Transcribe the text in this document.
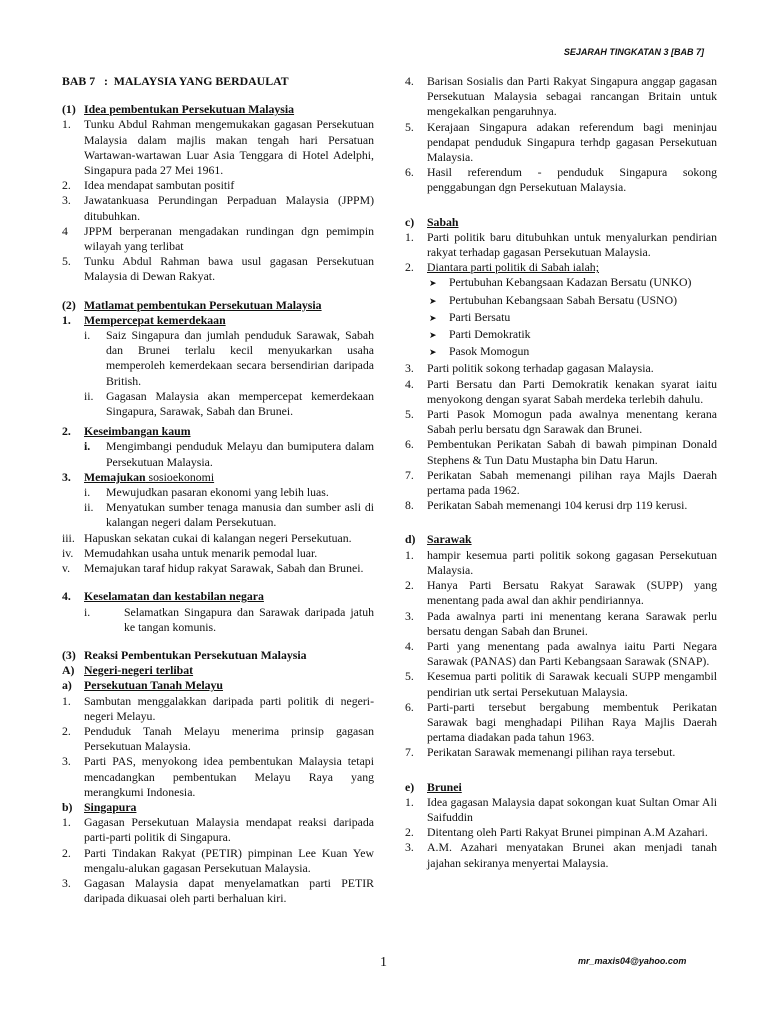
SEJARAH TINGKATAN 3 [BAB 7]
BAB 7   :  MALAYSIA YANG BERDAULAT
(1) Idea pembentukan Persekutuan Malaysia
1.	Tunku Abdul Rahman mengemukakan gagasan Persekutuan Malaysia dalam majlis makan tengah hari Persatuan Wartawan-wartawan Luar Asia Tenggara di Hotel Adelphi, Singapura pada 27 Mei 1961.
2.	Idea mendapat sambutan positif
3.	Jawatankuasa Perundingan Perpaduan Malaysia (JPPM) ditubuhkan.
4	JPPM berperanan mengadakan rundingan dgn pemimpin wilayah yang terlibat
5.	Tunku Abdul Rahman bawa usul gagasan Persekutuan Malaysia di Dewan Rakyat.
(2) Matlamat pembentukan Persekutuan Malaysia
1.	Mempercepat kemerdekaan
i.	Saiz Singapura dan jumlah penduduk Sarawak, Sabah dan Brunei terlalu kecil menyukarkan usaha memperoleh kemerdekaan secara bersendirian daripada British.
ii.	Gagasan Malaysia akan mempercepat kemerdekaan Singapura, Sarawak, Sabah dan Brunei.
2.	Keseimbangan kaum
i.	Mengimbangi penduduk Melayu dan bumiputera dalam Persekutuan Malaysia.
3.	Memajukan sosioekonomi
i.	Mewujudkan pasaran ekonomi yang lebih luas.
ii.	Menyatukan sumber tenaga manusia dan sumber asli di kalangan negeri dalam Persekutuan.
iii. Hapuskan sekatan cukai di kalangan negeri Persekutuan.
iv. Memudahkan usaha untuk menarik pemodal luar.
v.	Memajukan taraf hidup rakyat Sarawak, Sabah dan Brunei.
4.	Keselamatan dan kestabilan negara
i.	Selamatkan Singapura dan Sarawak daripada jatuh ke tangan komunis.
(3) Reaksi Pembentukan Persekutuan Malaysia
A) Negeri-negeri terlibat
a)	Persekutuan Tanah Melayu
1.	Sambutan menggalakkan daripada parti politik di negeri-negeri Melayu.
2.	Penduduk Tanah Melayu menerima prinsip gagasan Persekutuan Malaysia.
3.	Parti PAS, menyokong idea pembentukan Malaysia tetapi mencadangkan pembentukan Melayu Raya yang merangkumi Indonesia.
b) Singapura
1.	Gagasan Persekutuan Malaysia mendapat reaksi daripada parti-parti politik di Singapura.
2.	Parti Tindakan Rakyat (PETIR) pimpinan Lee Kuan Yew mengalu-alukan gagasan Persekutuan Malaysia.
3.	Gagasan Malaysia dapat menyelamatkan parti PETIR daripada dikuasai oleh parti berhaluan kiri.
4.	Barisan Sosialis dan Parti Rakyat Singapura anggap gagasan Persekutuan Malaysia sebagai rancangan Britain untuk mengekalkan pengaruhnya.
5.	Kerajaan Singapura adakan referendum bagi meninjau pendapat penduduk Singapura terhdp gagasan Persekutuan Malaysia.
6.	Hasil referendum - penduduk Singapura sokong penggabungan dgn Persekutuan Malaysia.
c)	Sabah
1.	Parti politik baru ditubuhkan untuk menyalurkan pendirian rakyat terhadap gagasan Persekutuan Malaysia.
2.	Diantara parti politik di Sabah ialah;
➤	Pertubuhan Kebangsaan Kadazan Bersatu (UNKO)
➤	Pertubuhan Kebangsaan Sabah Bersatu (USNO)
➤	Parti Bersatu
➤	Parti Demokratik
➤	Pasok Momogun
3.	Parti politik sokong terhadap gagasan Malaysia.
4.	Parti Bersatu dan Parti Demokratik kenakan syarat iaitu menyokong dengan syarat Sabah merdeka terlebih dahulu.
5.	Parti Pasok Momogun pada awalnya menentang kerana Sabah perlu bersatu dgn Sarawak dan Brunei.
6.	Pembentukan Perikatan Sabah di bawah pimpinan Donald Stephens & Tun Datu Mustapha bin Datu Harun.
7.	Perikatan Sabah memenangi pilihan raya Majls Daerah pertama pada 1962.
8.	Perikatan Sabah memenangi 104 kerusi drp 119 kerusi.
d) Sarawak
1.	hampir kesemua parti politik sokong gagasan Persekutuan Malaysia.
2.	Hanya Parti Bersatu Rakyat Sarawak (SUPP) yang menentang pada awal dan akhir pendiriannya.
3.	Pada awalnya parti ini menentang kerana Sarawak perlu bersatu dengan Sabah dan Brunei.
4.	Parti yang menentang pada awalnya iaitu Parti Negara Sarawak (PANAS) dan Parti Kebangsaan Sarawak (SNAP).
5.	Kesemua parti politik di Sarawak kecuali SUPP mengambil pendirian utk sertai Persekutuan Malaysia.
6.	Parti-parti tersebut bergabung membentuk Perikatan Sarawak bagi menghadapi Pilihan Raya Majlis Daerah pertama diadakan pada tahun 1963.
7.	Perikatan Sarawak memenangi pilihan raya tersebut.
e)	Brunei
1.	Idea gagasan Malaysia dapat sokongan kuat Sultan Omar Ali Saifuddin
2.	Ditentang oleh Parti Rakyat Brunei pimpinan A.M Azahari.
3.	A.M. Azahari menyatakan Brunei akan menjadi tanah jajahan sekiranya menyertai Malaysia.
1	mr_maxis04@yahoo.com
